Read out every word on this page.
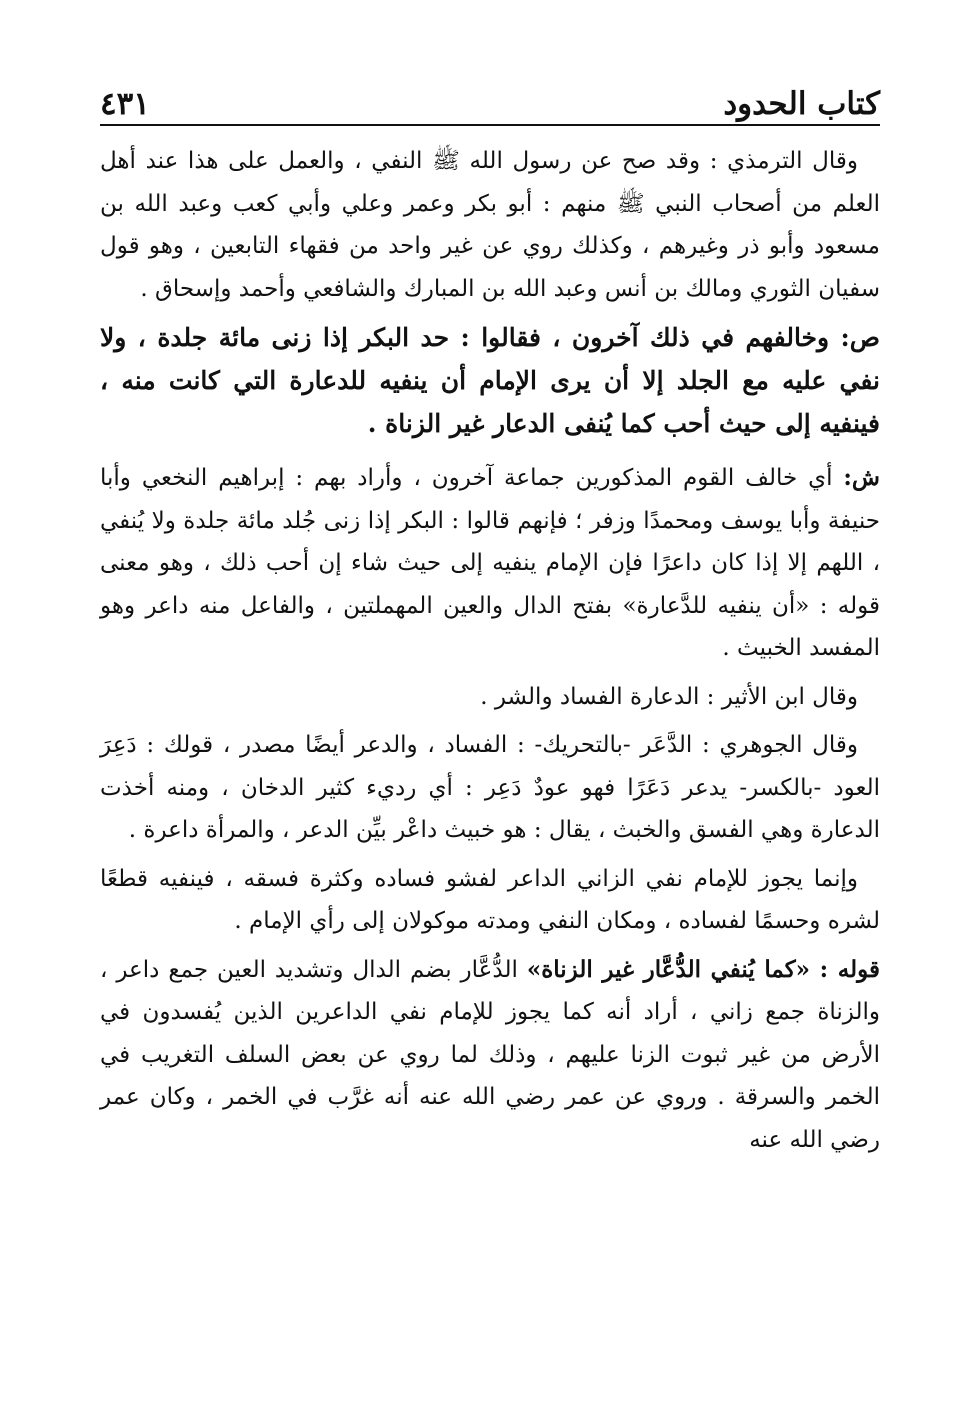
كتاب الحدود
٤٣١

وقال الترمذي : وقد صح عن رسول الله ﷺ النفي ، والعمل على هذا عند أهل العلم من أصحاب النبي ﷺ منهم : أبو بكر وعمر وعلي وأبي كعب وعبد الله بن مسعود وأبو ذر وغيرهم ، وكذلك روي عن غير واحد من فقهاء التابعين ، وهو قول سفيان الثوري ومالك بن أنس وعبد الله بن المبارك والشافعي وأحمد وإسحاق .

ص: وخالفهم في ذلك آخرون ، فقالوا : حد البكر إذا زنى مائة جلدة ، ولا نفي عليه مع الجلد إلا أن يرى الإمام أن ينفيه للدعارة التي كانت منه ، فينفيه إلى حيث أحب كما يُنفى الدعار غير الزناة .

ش: أي خالف القوم المذكورين جماعة آخرون ، وأراد بهم : إبراهيم النخعي وأبا حنيفة وأبا يوسف ومحمدًا وزفر ؛ فإنهم قالوا : البكر إذا زنى جُلد مائة جلدة ولا يُنفي ، اللهم إلا إذا كان داعرًا فإن الإمام ينفيه إلى حيث شاء إن أحب ذلك ، وهو معنى قوله : «أن ينفيه للدَّعارة» بفتح الدال والعين المهملتين ، والفاعل منه داعر وهو المفسد الخبيث .

وقال ابن الأثير : الدعارة الفساد والشر .

وقال الجوهري : الدَّعَر -بالتحريك- : الفساد ، والدعر أيضًا مصدر ، قولك : دَعِرَ العود -بالكسر- يدعر دَعَرًا فهو عودٌ دَعِر : أي رديء كثير الدخان ، ومنه أخذت الدعارة وهي الفسق والخبث ، يقال : هو خبيث داعْر بيِّن الدعر ، والمرأة داعرة .

وإنما يجوز للإمام نفي الزاني الداعر لفشو فساده وكثرة فسقه ، فينفيه قطعًا لشره وحسمًا لفساده ، ومكان النفي ومدته موكولان إلى رأي الإمام .

قوله : «كما يُنفي الدُّعَّار غير الزناة» الدُّعَّار بضم الدال وتشديد العين جمع داعر ، والزناة جمع زاني ، أراد أنه كما يجوز للإمام نفي الداعرين الذين يُفسدون في الأرض من غير ثبوت الزنا عليهم ، وذلك لما روي عن بعض السلف التغريب في الخمر والسرقة . وروي عن عمر رضي الله عنه أنه غرَّب في الخمر ، وكان عمر رضي الله عنه
